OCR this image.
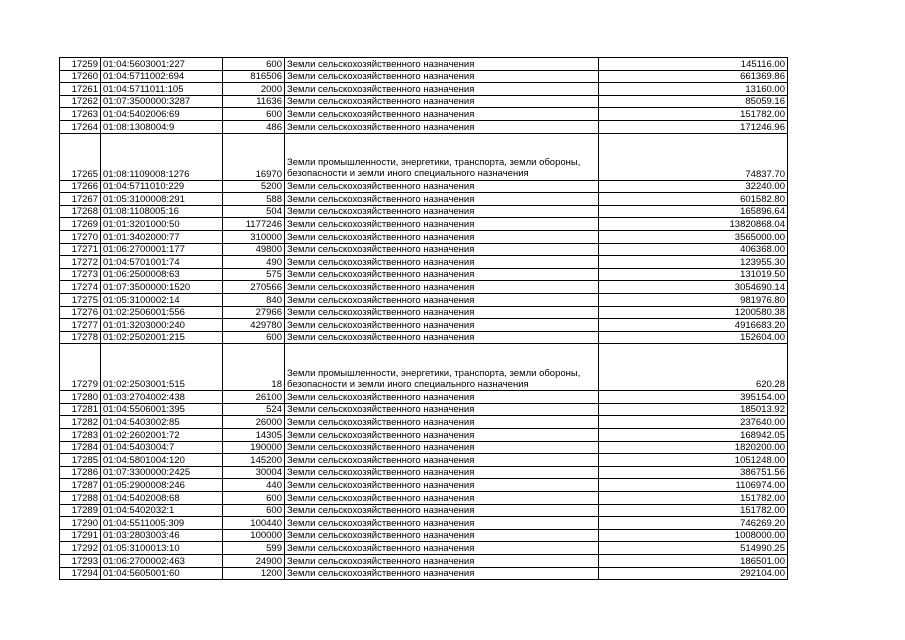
17259	01:04:5603001:227	600	Земли сельскохозяйственного назначения	145116.00
17260	01:04:5711002:694	816506	Земли сельскохозяйственного назначения	661369.86
17261	01:04:5711011:105	2000	Земли сельскохозяйственного назначения	13160.00
17262	01:07:3500000:3287	11636	Земли сельскохозяйственного назначения	85059.16
17263	01:04:5402006:69	600	Земли сельскохозяйственного назначения	151782.00
17264	01:08:1308004:9	486	Земли сельскохозяйственного назначения	171246.96
17265	01:08:1109008:1276	16970	Земли промышленности, энергетики, транспорта, земли обороны, безопасности и земли иного специального назначения	74837.70
17266	01:04:5711010:229	5200	Земли сельскохозяйственного назначения	32240.00
17267	01:05:3100008:291	588	Земли сельскохозяйственного назначения	601582.80
17268	01:08:1108005:16	504	Земли сельскохозяйственного назначения	165896.64
17269	01:01:3201000:50	1177246	Земли сельскохозяйственного назначения	13820868.04
17270	01:01:3402000:77	310000	Земли сельскохозяйственного назначения	3565000.00
17271	01:06:2700001:177	49800	Земли сельскохозяйственного назначения	406368.00
17272	01:04:5701001:74	490	Земли сельскохозяйственного назначения	123955.30
17273	01:06:2500008:63	575	Земли сельскохозяйственного назначения	131019.50
17274	01:07:3500000:1520	270566	Земли сельскохозяйственного назначения	3054690.14
17275	01:05:3100002:14	840	Земли сельскохозяйственного назначения	981976.80
17276	01:02:2506001:556	27966	Земли сельскохозяйственного назначения	1200580.38
17277	01:01:3203000:240	429780	Земли сельскохозяйственного назначения	4916683.20
17278	01:02:2502001:215	600	Земли сельскохозяйственного назначения	152604.00
17279	01:02:2503001:515	18	Земли промышленности, энергетики, транспорта, земли обороны, безопасности и земли иного специального назначения	620.28
17280	01:03:2704002:438	26100	Земли сельскохозяйственного назначения	395154.00
17281	01:04:5506001:395	524	Земли сельскохозяйственного назначения	185013.92
17282	01:04:5403002:85	26000	Земли сельскохозяйственного назначения	237640.00
17283	01:02:2602001:72	14305	Земли сельскохозяйственного назначения	168942.05
17284	01:04:5403004:7	190000	Земли сельскохозяйственного назначения	1820200.00
17285	01:04:5801004:120	145200	Земли сельскохозяйственного назначения	1051248.00
17286	01:07:3300000:2425	30004	Земли сельскохозяйственного назначения	386751.56
17287	01:05:2900008:246	440	Земли сельскохозяйственного назначения	1106974.00
17288	01:04:5402008:68	600	Земли сельскохозяйственного назначения	151782.00
17289	01:04:5402032:1	600	Земли сельскохозяйственного назначения	151782.00
17290	01:04:5511005:309	100440	Земли сельскохозяйственного назначения	746269.20
17291	01:03:2803003:46	100000	Земли сельскохозяйственного назначения	1008000.00
17292	01:05:3100013:10	599	Земли сельскохозяйственного назначения	514990.25
17293	01:06:2700002:463	24900	Земли сельскохозяйственного назначения	186501.00
17294	01:04:5605001:60	1200	Земли сельскохозяйственного назначения	292104.00
